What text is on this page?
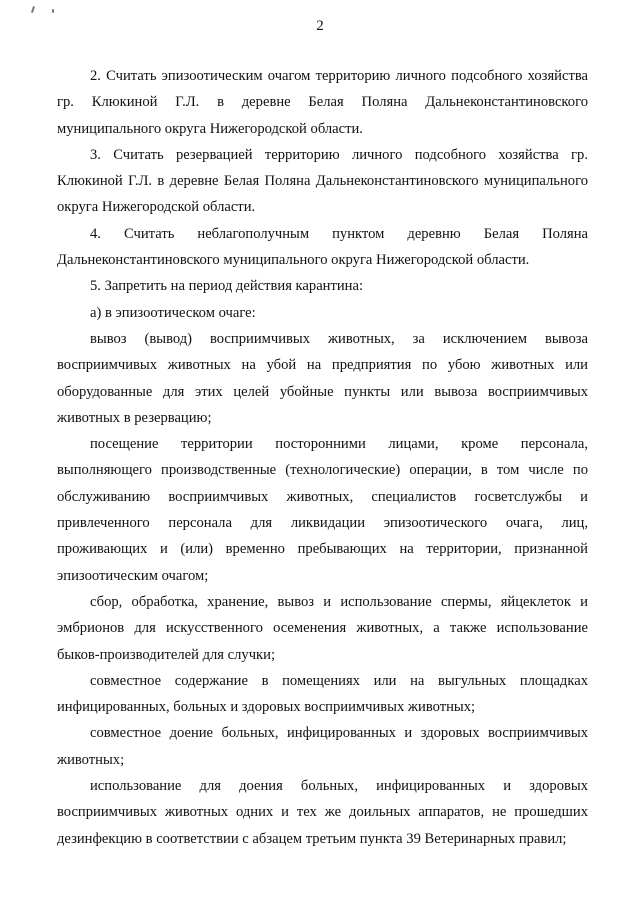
2

2. Считать эпизоотическим очагом территорию личного подсобного хозяйства гр. Клюкиной Г.Л. в деревне Белая Поляна Дальнеконстантиновского муниципального округа Нижегородской области.

3. Считать резервацией территорию личного подсобного хозяйства гр. Клюкиной Г.Л. в деревне Белая Поляна Дальнеконстантиновского муниципального округа Нижегородской области.

4. Считать неблагополучным пунктом деревню Белая Поляна Дальнеконстантиновского муниципального округа Нижегородской области.

5. Запретить на период действия карантина:

а) в эпизоотическом очаге:

вывоз (вывод) восприимчивых животных, за исключением вывоза восприимчивых животных на убой на предприятия по убою животных или оборудованные для этих целей убойные пункты или вывоза восприимчивых животных в резервацию;

посещение территории посторонними лицами, кроме персонала, выполняющего производственные (технологические) операции, в том числе по обслуживанию восприимчивых животных, специалистов госветслужбы и привлеченного персонала для ликвидации эпизоотического очага, лиц, проживающих и (или) временно пребывающих на территории, признанной эпизоотическим очагом;

сбор, обработка, хранение, вывоз и использование спермы, яйцеклеток и эмбрионов для искусственного осеменения животных, а также использование быков-производителей для случки;

совместное содержание в помещениях или на выгульных площадках инфицированных, больных и здоровых восприимчивых животных;

совместное доение больных, инфицированных и здоровых восприимчивых животных;

использование для доения больных, инфицированных и здоровых восприимчивых животных одних и тех же доильных аппаратов, не прошедших дезинфекцию в соответствии с абзацем третьим пункта 39 Ветеринарных правил;
